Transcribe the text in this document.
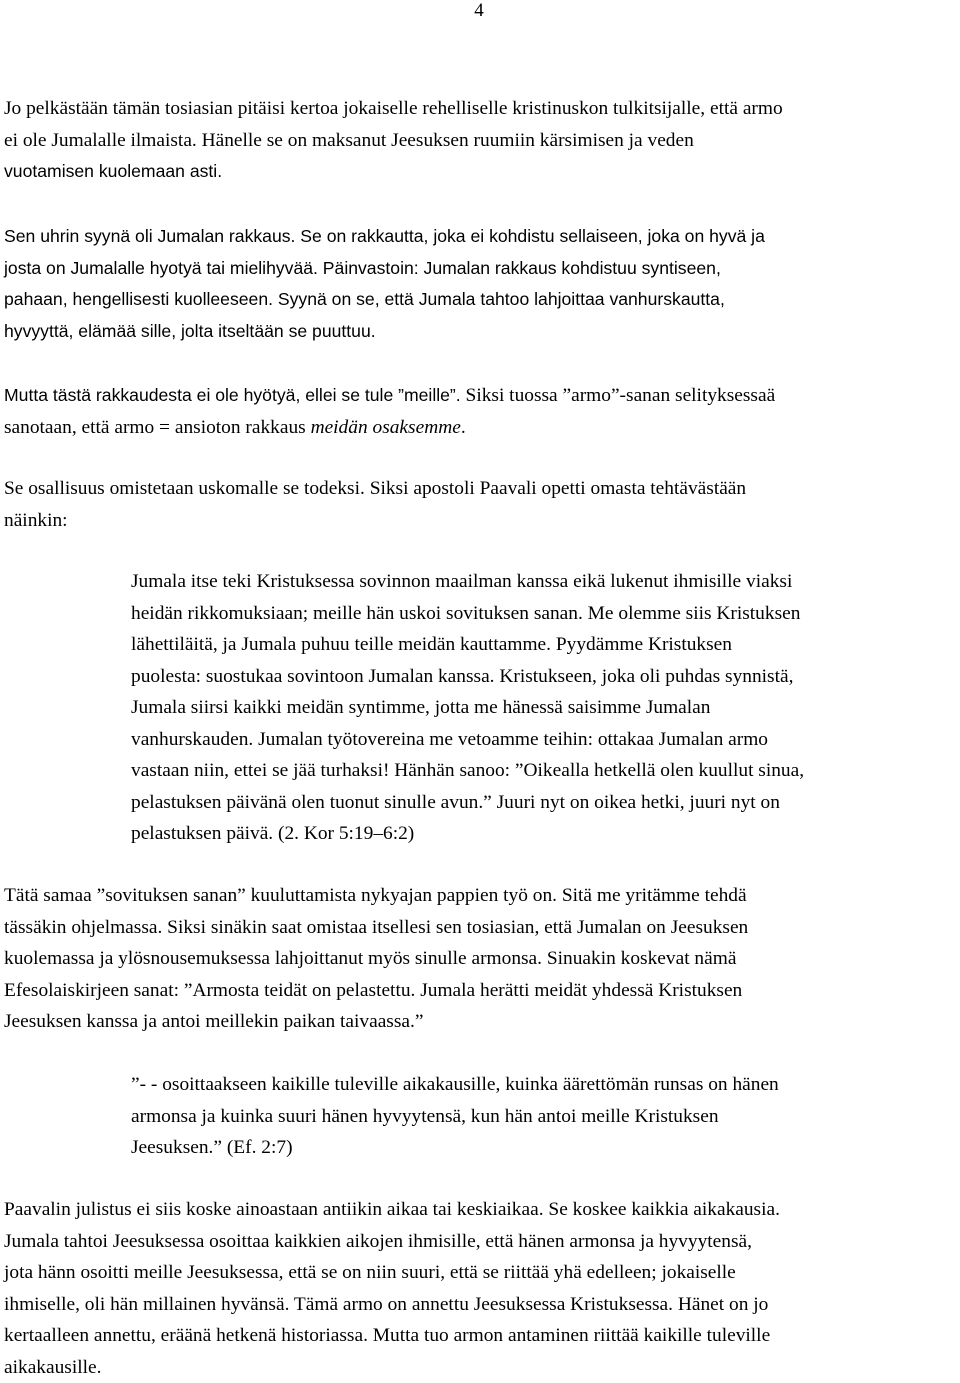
4

Jo pelkästään tämän tosiasian pitäisi kertoa jokaiselle rehelliselle kristinuskon tulkitsijalle, että armo
ei ole Jumalalle ilmaista. Hänelle se on maksanut Jeesuksen ruumiin kärsimisen ja veden
vuotamisen kuolemaan asti.

Sen uhrin syynä oli Jumalan rakkaus. Se on rakkautta, joka ei kohdistu sellaiseen, joka on hyvä ja
josta on Jumalalle hyotyä tai mielihyvää. Päinvastoin: Jumalan rakkaus kohdistuu syntiseen,
pahaan, hengellisesti kuolleeseen. Syynä on se, että Jumala tahtoo lahjoittaa vanhurskautta,
hyvyyttä, elämää sille, jolta itseltään se puuttuu.

Mutta tästä rakkaudesta ei ole hyötyä, ellei se tule ”meille”. Siksi tuossa ”armo”-sanan selityksessaä
sanotaan, että armo = ansioton rakkaus meidän osaksemme.

Se osallisuus omistetaan uskomalle se todeksi. Siksi apostoli Paavali opetti omasta tehtävästään
näinkin:

Jumala itse teki Kristuksessa sovinnon maailman kanssa eikä lukenut ihmisille viaksi
heidän rikkomuksiaan; meille hän uskoi sovituksen sanan. Me olemme siis Kristuksen
lähettiläitä, ja Jumala puhuu teille meidän kauttamme. Pyydämme Kristuksen
puolesta: suostukaa sovintoon Jumalan kanssa. Kristukseen, joka oli puhdas synnistä,
Jumala siirsi kaikki meidän syntimme, jotta me hänessä saisimme Jumalan
vanhurskauden. Jumalan työtovereina me vetoamme teihin: ottakaa Jumalan armo
vastaan niin, ettei se jää turhaksi! Hänhän sanoo: ”Oikealla hetkellä olen kuullut sinua,
pelastuksen päivänä olen tuonut sinulle avun.” Juuri nyt on oikea hetki, juuri nyt on
pelastuksen päivä. (2. Kor 5:19–6:2)

Tätä samaa ”sovituksen sanan” kuuluttamista nykyajan pappien työ on. Sitä me yritämme tehdä
tässäkin ohjelmassa. Siksi sinäkin saat omistaa itsellesi sen tosiasian, että Jumalan on Jeesuksen
kuolemassa ja ylösnousemuksessa lahjoittanut myös sinulle armonsa. Sinuakin koskevat nämä
Efesolaiskirjeen sanat: ”Armosta teidät on pelastettu. Jumala herätti meidät yhdessä Kristuksen
Jeesuksen kanssa ja antoi meillekin paikan taivaassa.”

”- - osoittaakseen kaikille tuleville aikakausille, kuinka äärettömän runsas on hänen
armonsa ja kuinka suuri hänen hyvyytensä, kun hän antoi meille Kristuksen
Jeesuksen.” (Ef. 2:7)

Paavalin julistus ei siis koske ainoastaan antiikin aikaa tai keskiaikaa. Se koskee kaikkia aikakausia.
Jumala tahtoi Jeesuksessa osoittaa kaikkien aikojen ihmisille, että hänen armonsa ja hyvyytensä,
jota hänn osoitti meille Jeesuksessa, että se on niin suuri, että se riittää yhä edelleen; jokaiselle
ihmiselle, oli hän millainen hyvänsä. Tämä armo on annettu Jeesuksessa Kristuksessa. Hänet on jo
kertaalleen annettu, eräänä hetkenä historiassa. Mutta tuo armon antaminen riittää kaikille tuleville
aikakausille.
